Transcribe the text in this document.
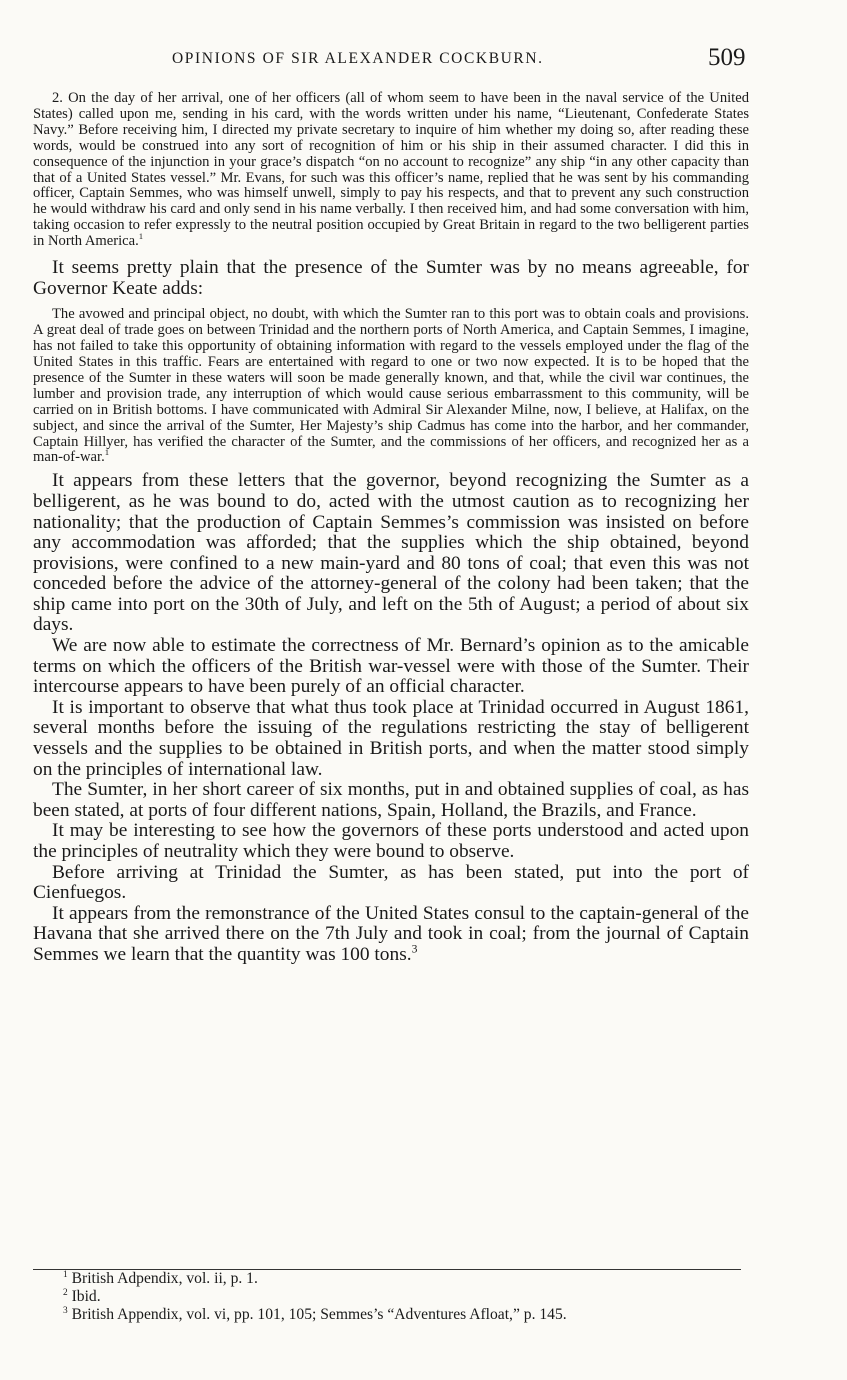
OPINIONS OF SIR ALEXANDER COCKBURN.	509

2. On the day of her arrival, one of her officers (all of whom seem to have been in the naval service of the United States) called upon me, sending in his card, with the words written under his name, “Lieutenant, Confederate States Navy.” Before receiving him, I directed my private secretary to inquire of him whether my doing so, after reading these words, would be construed into any sort of recognition of him or his ship in their assumed character. I did this in consequence of the injunction in your grace’s dispatch “on no account to recognize” any ship “in any other capacity than that of a United States vessel.” Mr. Evans, for such was this officer’s name, replied that he was sent by his commanding officer, Captain Semmes, who was himself unwell, simply to pay his respects, and that to prevent any such construction he would withdraw his card and only send in his name verbally. I then received him, and had some conversation with him, taking occasion to refer expressly to the neutral position occupied by Great Britain in regard to the two belligerent parties in North America.$^1$

It seems pretty plain that the presence of the Sumter was by no means agreeable, for Governor Keate adds:

The avowed and principal object, no doubt, with which the Sumter ran to this port was to obtain coals and provisions. A great deal of trade goes on between Trinidad and the northern ports of North America, and Captain Semmes, I imagine, has not failed to take this opportunity of obtaining information with regard to the vessels employed under the flag of the United States in this traffic. Fears are entertained with regard to one or two now expected. It is to be hoped that the presence of the Sumter in these waters will soon be made generally known, and that, while the civil war continues, the lumber and provision trade, any interruption of which would cause serious embarrassment to this community, will be carried on in British bottoms. I have communicated with Admiral Sir Alexander Milne, now, I believe, at Halifax, on the subject, and since the arrival of the Sumter, Her Majesty’s ship Cadmus has come into the harbor, and her commander, Captain Hillyer, has verified the character of the Sumter, and the commissions of her officers, and recognized her as a man-of-war.$^1$

It appears from these letters that the governor, beyond recognizing the Sumter as a belligerent, as he was bound to do, acted with the utmost caution as to recognizing her nationality; that the production of Captain Semmes’s commission was insisted on before any accommodation was afforded; that the supplies which the ship obtained, beyond provisions, were confined to a new main-yard and 80 tons of coal; that even this was not conceded before the advice of the attorney-general of the colony had been taken; that the ship came into port on the 30th of July, and left on the 5th of August; a period of about six days.

We are now able to estimate the correctness of Mr. Bernard’s opinion as to the amicable terms on which the officers of the British war-vessel were with those of the Sumter. Their intercourse appears to have been purely of an official character.

It is important to observe that what thus took place at Trinidad occurred in August 1861, several months before the issuing of the regulations restricting the stay of belligerent vessels and the supplies to be obtained in British ports, and when the matter stood simply on the principles of international law.

The Sumter, in her short career of six months, put in and obtained supplies of coal, as has been stated, at ports of four different nations, Spain, Holland, the Brazils, and France.

It may be interesting to see how the governors of these ports understood and acted upon the principles of neutrality which they were bound to observe.

Before arriving at Trinidad the Sumter, as has been stated, put into the port of Cienfuegos.

It appears from the remonstrance of the United States consul to the captain-general of the Havana that she arrived there on the 7th July and took in coal; from the journal of Captain Semmes we learn that the quantity was 100 tons.$^3$

$^1$ British Adpendix, vol. ii, p. 1.

$^2$ Ibid.

$^3$ British Appendix, vol. vi, pp. 101, 105; Semmes’s “Adventures Afloat,” p. 145.
